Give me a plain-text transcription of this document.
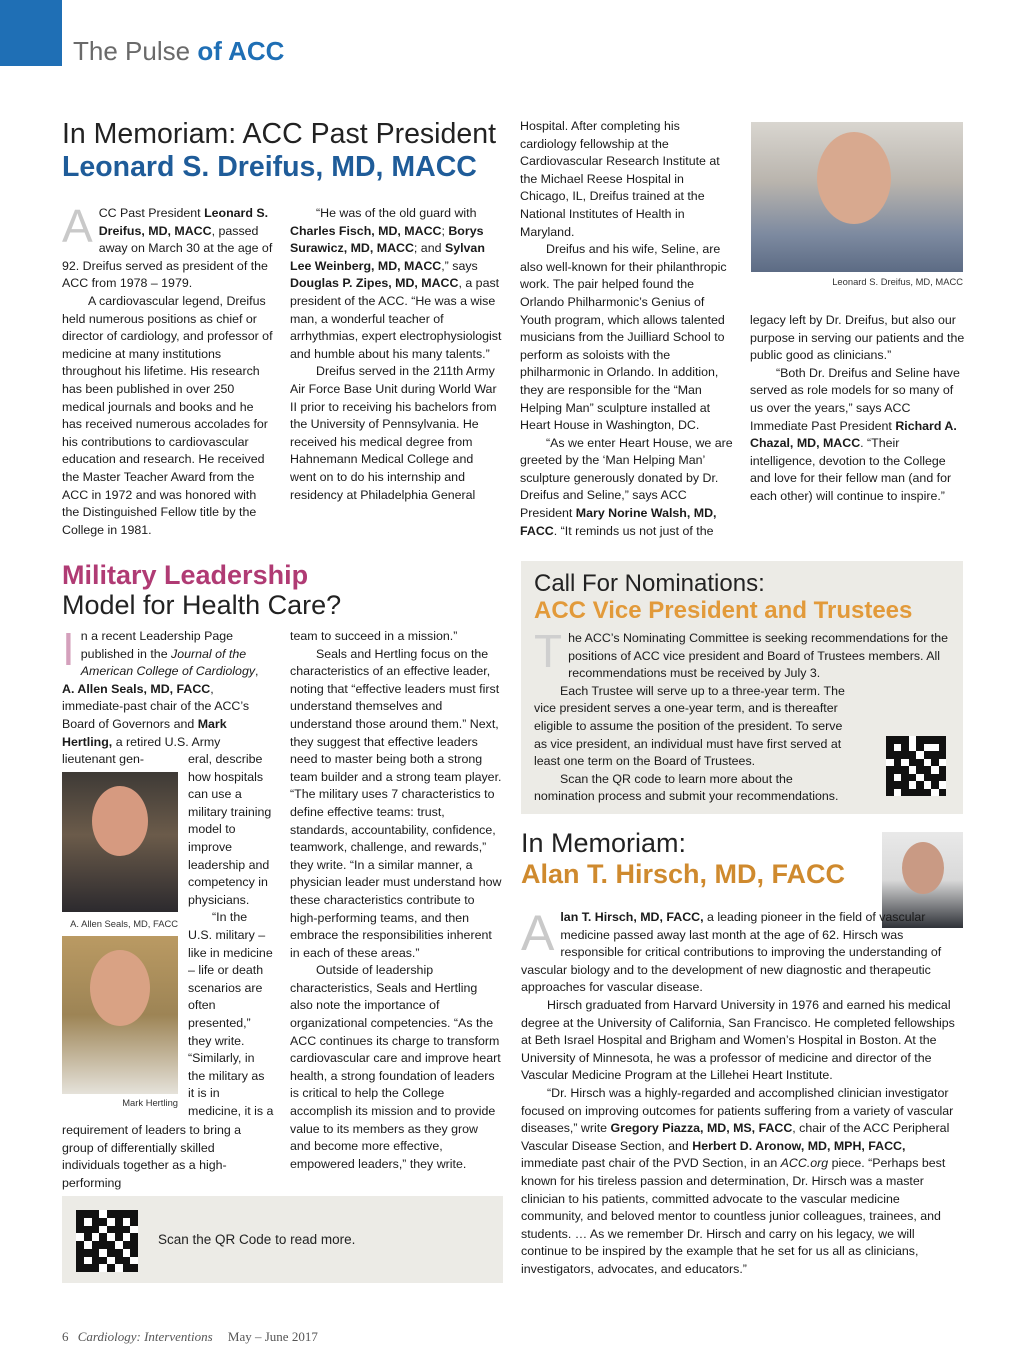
The Pulse of ACC
In Memoriam: ACC Past President
Leonard S. Dreifus, MD, MACC

ACC Past President Leonard S. Dreifus, MD, MACC, passed away on March 30 at the age of 92. Dreifus served as president of the ACC from 1978 – 1979.

A cardiovascular legend, Dreifus held numerous positions as chief or director of cardiology, and professor of medicine at many institutions throughout his lifetime. His research has been published in over 250 medical journals and books and he has received numerous accolades for his contributions to cardiovascular education and research. He received the Master Teacher Award from the ACC in 1972 and was honored with the Distinguished Fellow title by the College in 1981.

“He was of the old guard with Charles Fisch, MD, MACC; Borys Surawicz, MD, MACC; and Sylvan Lee Weinberg, MD, MACC,” says Douglas P. Zipes, MD, MACC, a past president of the ACC. “He was a wise man, a wonderful teacher of arrhythmias, expert electrophysiologist and humble about his many talents.”

Dreifus served in the 211th Army Air Force Base Unit during World War II prior to receiving his bachelors from the University of Pennsylvania. He received his medical degree from Hahnemann Medical College and went on to do his internship and residency at Philadelphia General

Hospital. After completing his cardiology fellowship at the Cardiovascular Research Institute at the Michael Reese Hospital in Chicago, IL, Dreifus trained at the National Institutes of Health in Maryland.

Dreifus and his wife, Seline, are also well-known for their philanthropic work. The pair helped found the Orlando Philharmonic’s Genius of Youth program, which allows talented musicians from the Juilliard School to perform as soloists with the philharmonic in Orlando. In addition, they are responsible for the “Man Helping Man” sculpture installed at Heart House in Washington, DC.

“As we enter Heart House, we are greeted by the ‘Man Helping Man’ sculpture generously donated by Dr. Dreifus and Seline,” says ACC President Mary Norine Walsh, MD, FACC. “It reminds us not just of the

Leonard S. Dreifus, MD, MACC

legacy left by Dr. Dreifus, but also our purpose in serving our patients and the public good as clinicians.”

“Both Dr. Dreifus and Seline have served as role models for so many of us over the years,” says ACC Immediate Past President Richard A. Chazal, MD, MACC. “Their intelligence, devotion to the College and love for their fellow man (and for each other) will continue to inspire.”

Military Leadership
Model for Health Care?

In a recent Leadership Page published in the Journal of the American College of Cardiology, A. Allen Seals, MD, FACC, immediate-past chair of the ACC’s Board of Governors and Mark Hertling, a retired U.S. Army lieutenant gen-

A. Allen Seals, MD, FACC
Mark Hertling

eral, describe how hospitals can use a military training model to improve leadership and competency in physicians.

“In the U.S. military – like in medicine – life or death scenarios are often presented,” they write. “Similarly, in the military as it is in medicine, it is a

requirement of leaders to bring a group of differentially skilled individuals together as a high-performing

team to succeed in a mission.”

Seals and Hertling focus on the characteristics of an effective leader, noting that “effective leaders must first understand themselves and understand those around them.” Next, they suggest that effective leaders need to master being both a strong team builder and a strong team player. “The military uses 7 characteristics to define effective teams: trust, standards, accountability, confidence, teamwork, challenge, and rewards,” they write. “In a similar manner, a physician leader must understand how these characteristics contribute to high-performing teams, and then embrace the responsibilities inherent in each of these areas.”

Outside of leadership characteristics, Seals and Hertling also note the importance of organizational competencies. “As the ACC continues its charge to transform cardiovascular care and improve heart health, a strong foundation of leaders is critical to help the College accomplish its mission and to provide value to its members as they grow and become more effective, empowered leaders,” they write.

Scan the QR Code to read more.
Call For Nominations:
ACC Vice President and Trustees

The ACC’s Nominating Committee is seeking recommendations for the positions of ACC vice president and Board of Trustees members. All recommendations must be received by July 3.

Each Trustee will serve up to a three-year term. The vice president serves a one-year term, and is thereafter eligible to assume the position of the president. To serve as vice president, an individual must have first served at least one term on the Board of Trustees.

Scan the QR code to learn more about the nomination process and submit your recommendations.

In Memoriam:
Alan T. Hirsch, MD, FACC

Alan T. Hirsch, MD, FACC, a leading pioneer in the field of vascular medicine passed away last month at the age of 62. Hirsch was responsible for critical contributions to improving the understanding of vascular biology and to the development of new diagnostic and therapeutic approaches for vascular disease.

Hirsch graduated from Harvard University in 1976 and earned his medical degree at the University of California, San Francisco. He completed fellowships at Beth Israel Hospital and Brigham and Women’s Hospital in Boston. At the University of Minnesota, he was a professor of medicine and director of the Vascular Medicine Program at the Lillehei Heart Institute.

“Dr. Hirsch was a highly-regarded and accomplished clinician investigator focused on improving outcomes for patients suffering from a variety of vascular diseases,” write Gregory Piazza, MD, MS, FACC, chair of the ACC Peripheral Vascular Disease Section, and Herbert D. Aronow, MD, MPH, FACC, immediate past chair of the PVD Section, in an ACC.org piece. “Perhaps best known for his tireless passion and determination, Dr. Hirsch was a master clinician to his patients, committed advocate to the vascular medicine community, and beloved mentor to countless junior colleagues, trainees, and students. … As we remember Dr. Hirsch and carry on his legacy, we will continue to be inspired by the example that he set for us all as clinicians, investigators, advocates, and educators.”

6 Cardiology: Interventions May – June 2017
